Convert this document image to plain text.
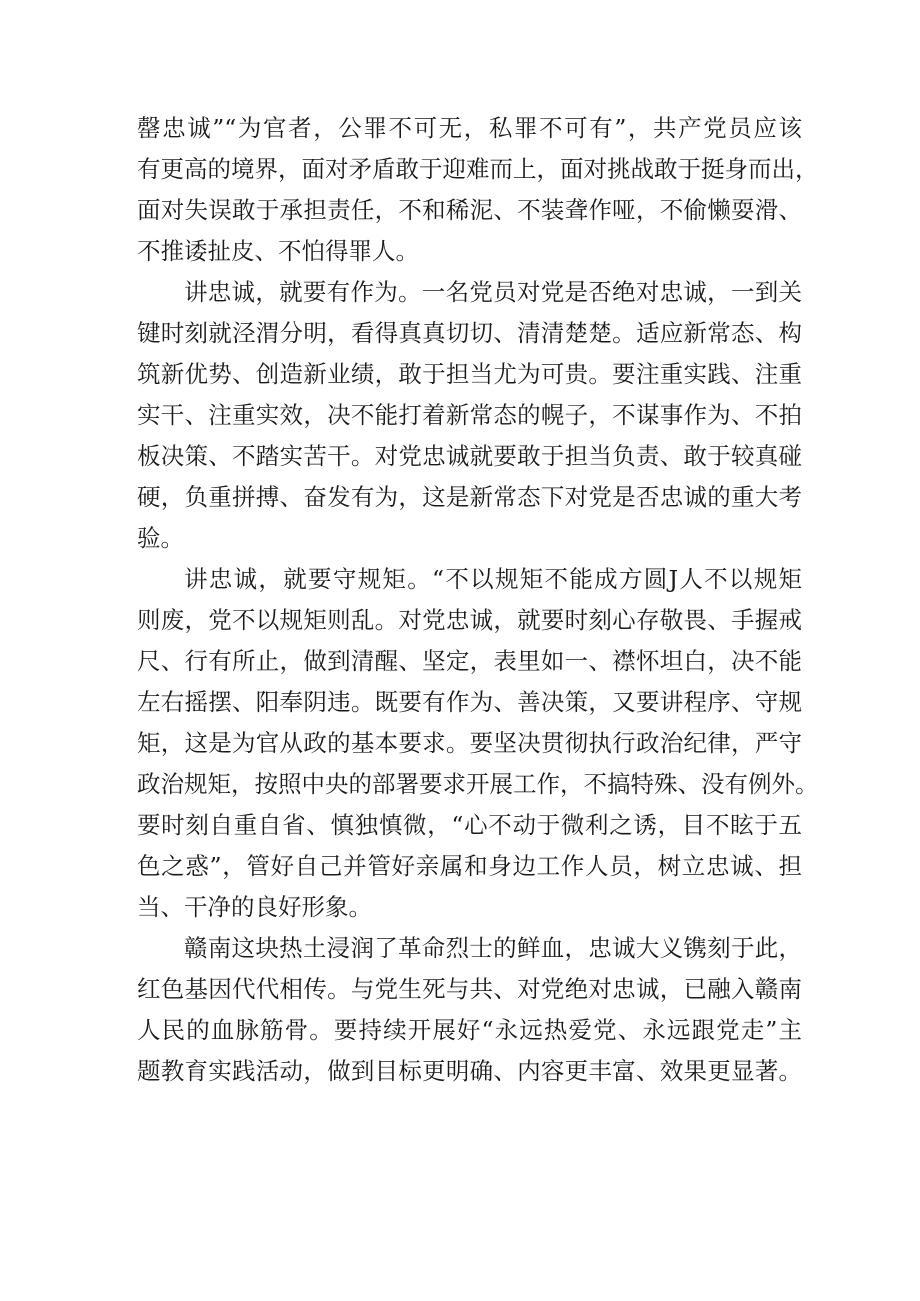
罄忠诚”“为官者，公罪不可无，私罪不可有”，共产党员应该
有更高的境界，面对矛盾敢于迎难而上，面对挑战敢于挺身而出，
面对失误敢于承担责任，不和稀泥、不装聋作哑，不偷懒耍滑、
不推诿扯皮、不怕得罪人。
讲忠诚，就要有作为。一名党员对党是否绝对忠诚，一到关
键时刻就泾渭分明，看得真真切切、清清楚楚。适应新常态、构
筑新优势、创造新业绩，敢于担当尤为可贵。要注重实践、注重
实干、注重实效，决不能打着新常态的幌子，不谋事作为、不拍
板决策、不踏实苦干。对党忠诚就要敢于担当负责、敢于较真碰
硬，负重拼搏、奋发有为，这是新常态下对党是否忠诚的重大考
验。
讲忠诚，就要守规矩。“不以规矩不能成方圆J人不以规矩
则废，党不以规矩则乱。对党忠诚，就要时刻心存敬畏、手握戒
尺、行有所止，做到清醒、坚定，表里如一、襟怀坦白，决不能
左右摇摆、阳奉阴违。既要有作为、善决策，又要讲程序、守规
矩，这是为官从政的基本要求。要坚决贯彻执行政治纪律，严守
政治规矩，按照中央的部署要求开展工作，不搞特殊、没有例外。
要时刻自重自省、慎独慎微，“心不动于微利之诱，目不眩于五
色之惑”，管好自己并管好亲属和身边工作人员，树立忠诚、担
当、干净的良好形象。
赣南这块热土浸润了革命烈士的鲜血，忠诚大义镌刻于此，
红色基因代代相传。与党生死与共、对党绝对忠诚，已融入赣南
人民的血脉筋骨。要持续开展好“永远热爱党、永远跟党走”主
题教育实践活动，做到目标更明确、内容更丰富、效果更显著。
